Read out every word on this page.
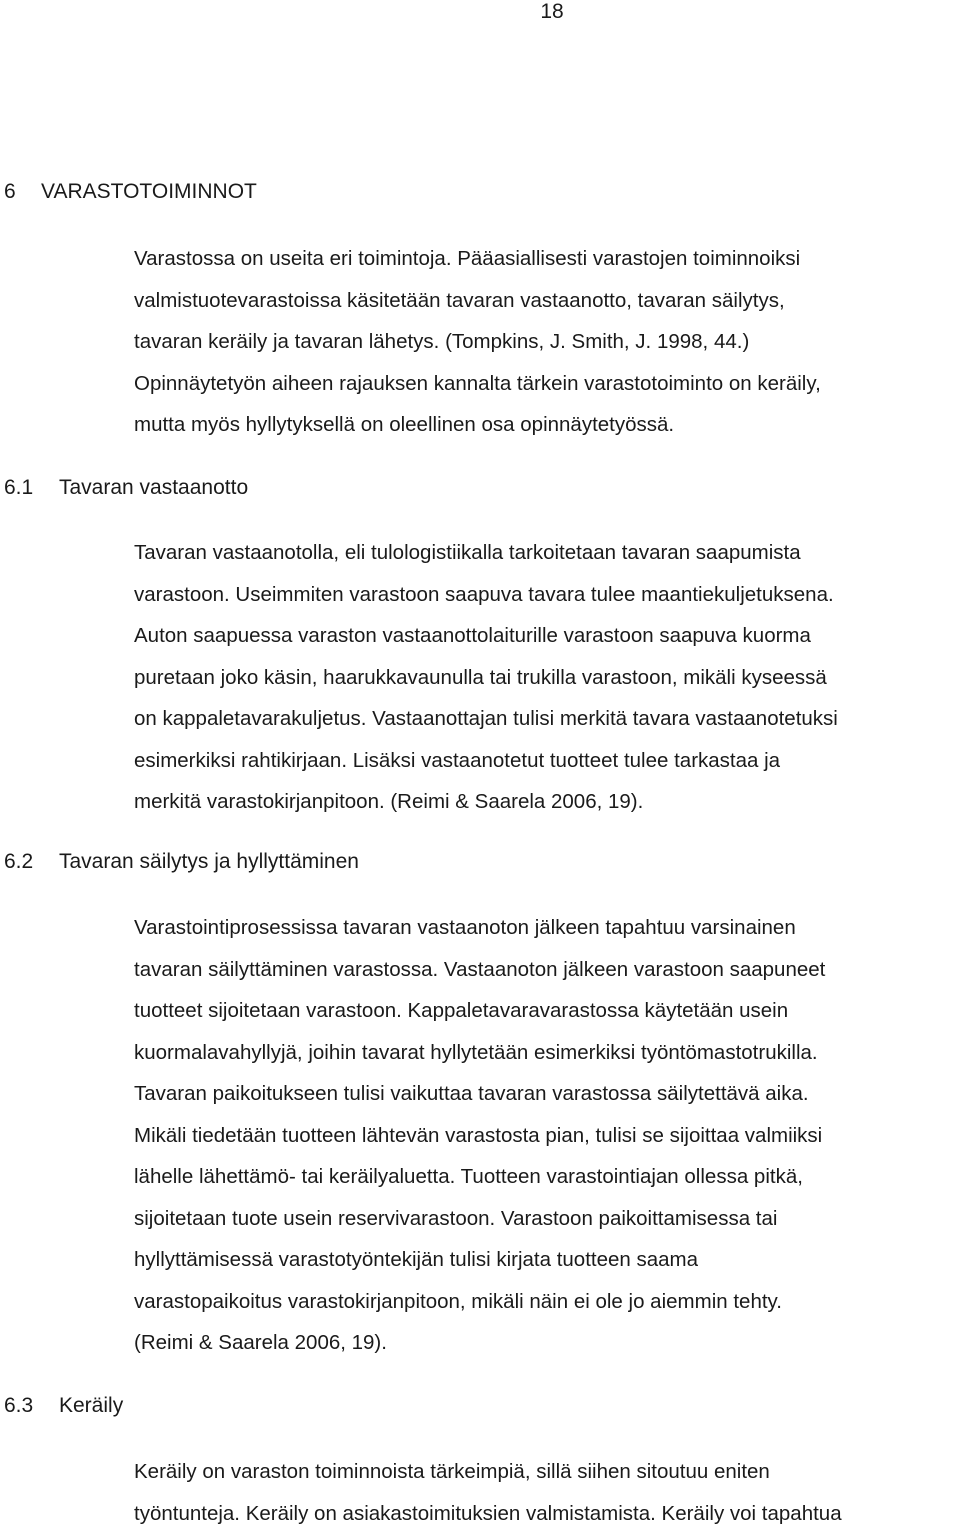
18
6 VARASTOTOIMINNOT
Varastossa on useita eri toimintoja. Pääasiallisesti varastojen toiminnoiksi
valmistuotevarastoissa käsitetään tavaran vastaanotto, tavaran säilytys,
tavaran keräily ja tavaran lähetys. (Tompkins, J. Smith, J. 1998, 44.)
Opinnäytetyön aiheen rajauksen kannalta tärkein varastotoiminto on keräily,
mutta myös hyllytyksellä on oleellinen osa opinnäytetyössä.
6.1 Tavaran vastaanotto
Tavaran vastaanotolla, eli tulologistiikalla tarkoitetaan tavaran saapumista
varastoon. Useimmiten varastoon saapuva tavara tulee maantiekuljetuksena.
Auton saapuessa varaston vastaanottolaiturille varastoon saapuva kuorma
puretaan joko käsin, haarukkavaunulla tai trukilla varastoon, mikäli kyseessä
on kappaletavarakuljetus. Vastaanottajan tulisi merkitä tavara vastaanotetuksi
esimerkiksi rahtikirjaan. Lisäksi vastaanotetut tuotteet tulee tarkastaa ja
merkitä varastokirjanpitoon. (Reimi & Saarela 2006, 19).
6.2 Tavaran säilytys ja hyllyttäminen
Varastointiprosessissa tavaran vastaanoton jälkeen tapahtuu varsinainen
tavaran säilyttäminen varastossa. Vastaanoton jälkeen varastoon saapuneet
tuotteet sijoitetaan varastoon. Kappaletavaravarastossa käytetään usein
kuormalavahyllyjä, joihin tavarat hyllytetään esimerkiksi työntömastotrukilla.
Tavaran paikoitukseen tulisi vaikuttaa tavaran varastossa säilytettävä aika.
Mikäli tiedetään tuotteen lähtevän varastosta pian, tulisi se sijoittaa valmiiksi
lähelle lähettämö- tai keräilyaluetta. Tuotteen varastointiajan ollessa pitkä,
sijoitetaan tuote usein reservivarastoon. Varastoon paikoittamisessa tai
hyllyttämisessä varastotyöntekijän tulisi kirjata tuotteen saama
varastopaikoitus varastokirjanpitoon, mikäli näin ei ole jo aiemmin tehty.
(Reimi & Saarela 2006, 19).
6.3 Keräily
Keräily on varaston toiminnoista tärkeimpiä, sillä siihen sitoutuu eniten
työntunteja. Keräily on asiakastoimituksien valmistamista. Keräily voi tapahtua
